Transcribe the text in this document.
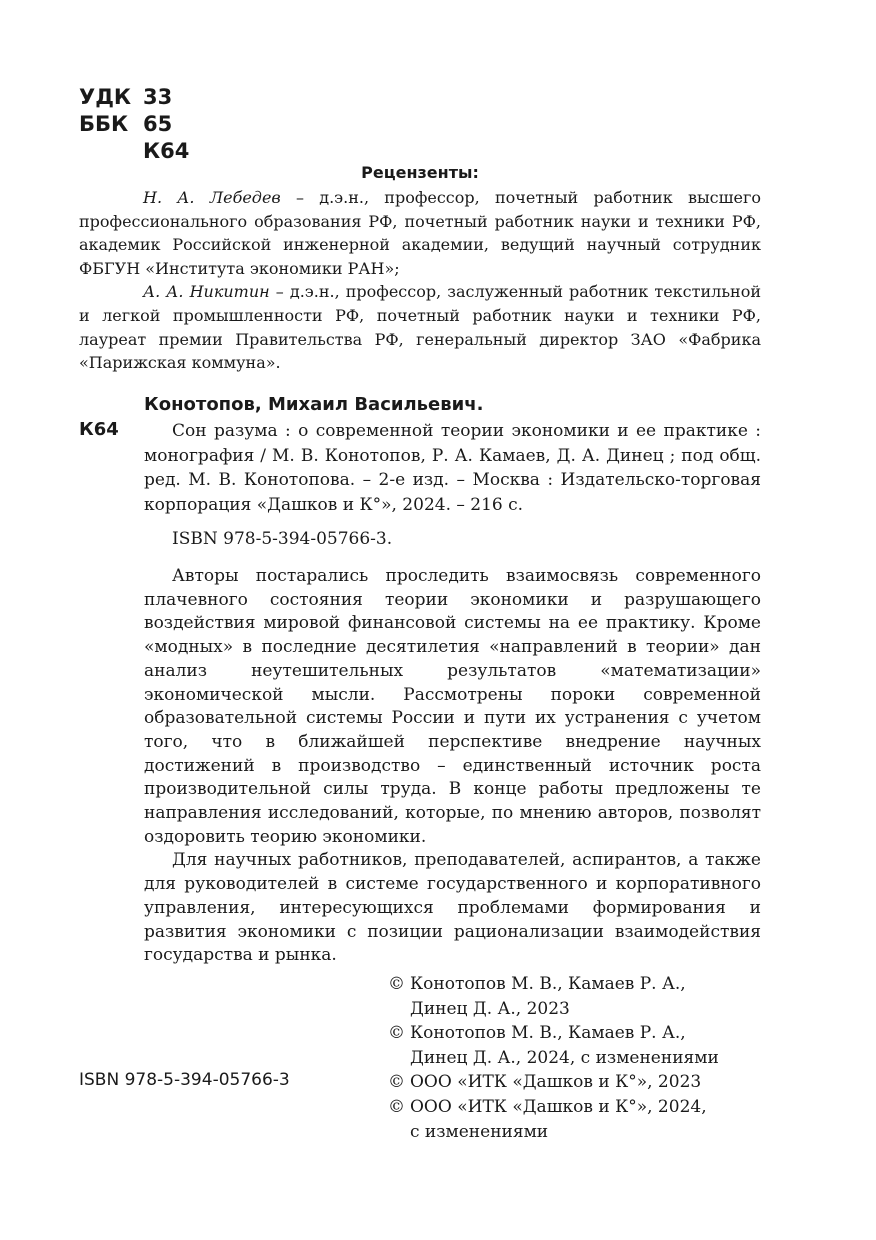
УДК 33
ББК 65
К64
Рецензенты:

Н. А. Лебедев – д.э.н., профессор, почетный работник высшего профессионального образования РФ, почетный работник науки и техники РФ, академик Российской инженерной академии, ведущий научный сотрудник ФБГУН «Института экономики РАН»;

А. А. Никитин – д.э.н., профессор, заслуженный работник текстильной и легкой промышленности РФ, почетный работник науки и техники РФ, лауреат премии Правительства РФ, генеральный директор ЗАО «Фабрика «Парижская коммуна».

Конотопов, Михаил Васильевич.
К64	Сон разума : о современной теории экономики и ее практике : монография / М. В. Конотопов, Р. А. Камаев, Д. А. Динец ; под общ. ред. М. В. Конотопова. – 2-е изд. – Москва : Издательско-торговая корпорация «Дашков и К°», 2024. – 216 с.

ISBN 978-5-394-05766-3.

Авторы постарались проследить взаимосвязь современного плачевного состояния теории экономики и разрушающего воздействия мировой финансовой системы на ее практику. Кроме «модных» в последние десятилетия «направлений в теории» дан анализ неутешительных результатов «математизации» экономической мысли. Рассмотрены пороки современной образовательной системы России и пути их устранения с учетом того, что в ближайшей перспективе внедрение научных достижений в производство – единственный источник роста производительной силы труда. В конце работы предложены те направления исследований, которые, по мнению авторов, позволят оздоровить теорию экономики.

Для научных работников, преподавателей, аспирантов, а также для руководителей в системе государственного и корпоративного управления, интересующихся проблемами формирования и развития экономики с позиции рационализации взаимодействия государства и рынка.

© Конотопов М. В., Камаев Р. А.,
Динец Д. А., 2023
© Конотопов М. В., Камаев Р. А.,
Динец Д. А., 2024, с изменениями
© ООО «ИТК «Дашков и К°», 2023
© ООО «ИТК «Дашков и К°», 2024,
с изменениями
ISBN 978-5-394-05766-3
